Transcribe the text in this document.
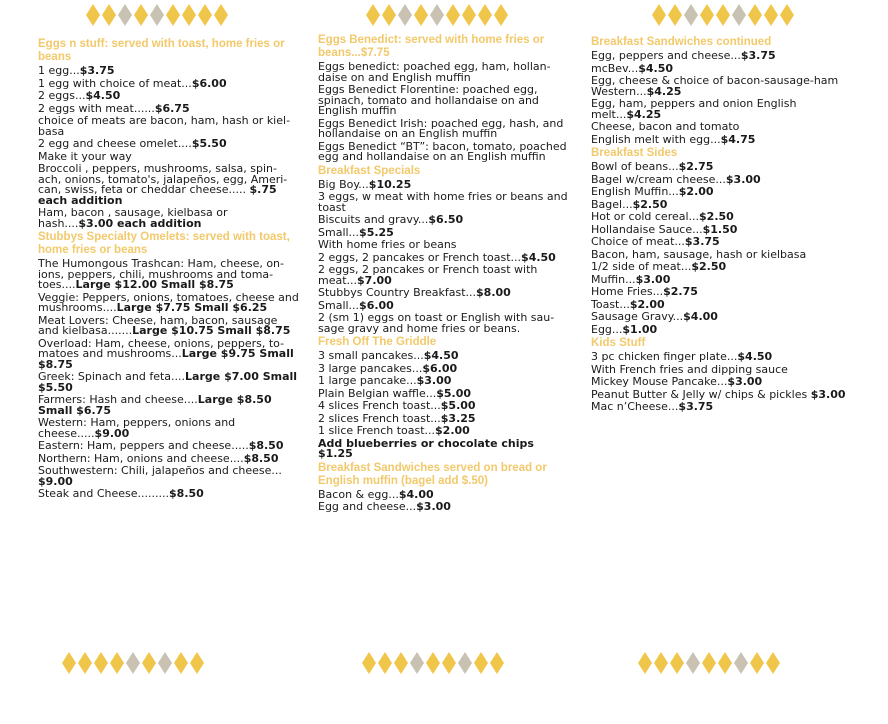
Eggs n stuff: served with toast, home fries or beans

1 egg...$3.75

1 egg with choice of meat...$6.00

2 eggs...$4.50

2 eggs with meat......$6.75

choice of meats are bacon, ham, hash or kiel-basa

2 egg and cheese omelet....$5.50

Make it your way

Broccoli , peppers, mushrooms, salsa, spin-ach, onions, tomato's, jalapeños, egg, Ameri-can, swiss, feta or cheddar cheese..... $.75 each addition

Ham, bacon , sausage, kielbasa or hash....$3.00 each addition

Stubbys Specialty Omelets: served with toast, home fries or beans

The Humongous Trashcan: Ham, cheese, on-ions, peppers, chili, mushrooms and toma-toes....Large $12.00 Small $8.75

Veggie: Peppers, onions, tomatoes, cheese and mushrooms....Large $7.75 Small $6.25

Meat Lovers: Cheese, ham, bacon, sausage and kielbasa.......Large $10.75 Small $8.75

Overload: Ham, cheese, onions, peppers, to-matoes and mushrooms...Large $9.75 Small $8.75

Greek: Spinach and feta....Large $7.00 Small $5.50

Farmers: Hash and cheese....Large $8.50 Small $6.75

Western: Ham, peppers, onions and cheese.....$9.00

Eastern: Ham, peppers and cheese.....$8.50

Northern: Ham, onions and cheese....$8.50

Southwestern: Chili, jalapeños and cheese... $9.00

Steak and Cheese.........$8.50

Eggs Benedict: served with home fries or beans...$7.75

Eggs benedict: poached egg, ham, hollan-daise on and English muffin

Eggs Benedict Florentine: poached egg, spinach, tomato and hollandaise on and English muffin

Eggs Benedict Irish: poached egg, hash, and hollandaise on an English muffin

Eggs Benedict “BT”: bacon, tomato, poached egg and hollandaise on an English muffin

Breakfast Specials

Big Boy...$10.25

3 eggs, w meat with home fries or beans and toast

Biscuits and gravy...$6.50

Small...$5.25

With home fries or beans

2 eggs, 2 pancakes or French toast...$4.50

2 eggs, 2 pancakes or French toast with meat...$7.00

Stubbys Country Breakfast...$8.00

Small...$6.00

2 (sm 1) eggs on toast or English with sau-sage gravy and home fries or beans.

Fresh Off The Griddle

3 small pancakes...$4.50

3 large pancakes...$6.00

1 large pancake...$3.00

Plain Belgian waffle...$5.00

4 slices French toast...$5.00

2 slices French toast...$3.25

1 slice French toast...$2.00

Add blueberries or chocolate chips $1.25

Breakfast Sandwiches served on bread or English muffin (bagel add $.50)

Bacon & egg...$4.00

Egg and cheese...$3.00

Breakfast Sandwiches continued

Egg, peppers and cheese...$3.75

mcBev...$4.50

Egg, cheese & choice of bacon-sausage-ham Western...$4.25

Egg, ham, peppers and onion English melt...$4.25

Cheese, bacon and tomato

English melt with egg...$4.75

Breakfast Sides

Bowl of beans...$2.75

Bagel w/cream cheese...$3.00

English Muffin...$2.00

Bagel...$2.50

Hot or cold cereal...$2.50

Hollandaise Sauce...$1.50

Choice of meat...$3.75

Bacon, ham, sausage, hash or kielbasa

1/2 side of meat...$2.50

Muffin...$3.00

Home Fries...$2.75

Toast...$2.00

Sausage Gravy...$4.00

Egg...$1.00

Kids Stuff

3 pc chicken finger plate...$4.50

With French fries and dipping sauce

Mickey Mouse Pancake...$3.00

Peanut Butter & Jelly w/ chips & pickles $3.00

Mac n’Cheese...$3.75
